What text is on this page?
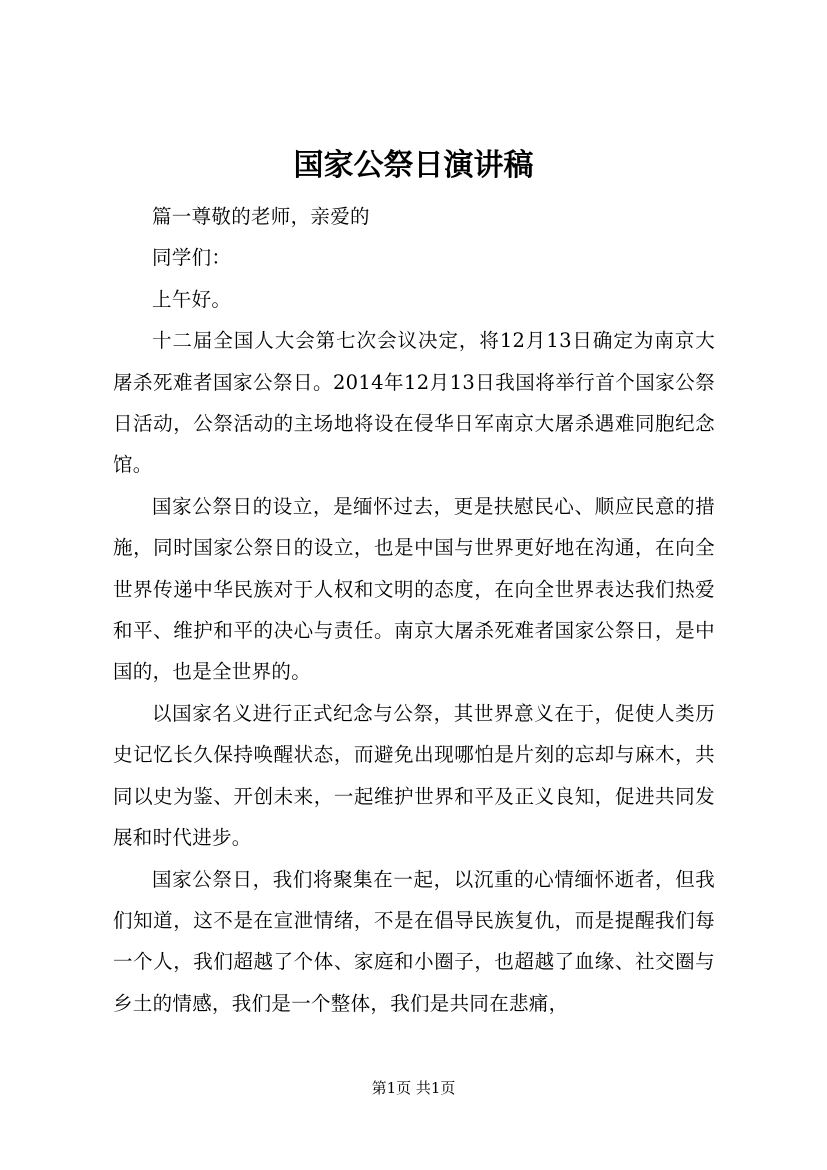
国家公祭日演讲稿

篇一尊敬的老师，亲爱的

同学们：

上午好。

十二届全国人大会第七次会议决定，将12月13日确定为南京大屠杀死难者国家公祭日。2014年12月13日我国将举行首个国家公祭日活动，公祭活动的主场地将设在侵华日军南京大屠杀遇难同胞纪念馆。

国家公祭日的设立，是缅怀过去，更是扶慰民心、顺应民意的措施，同时国家公祭日的设立，也是中国与世界更好地在沟通，在向全世界传递中华民族对于人权和文明的态度，在向全世界表达我们热爱和平、维护和平的决心与责任。南京大屠杀死难者国家公祭日，是中国的，也是全世界的。

以国家名义进行正式纪念与公祭，其世界意义在于，促使人类历史记忆长久保持唤醒状态，而避免出现哪怕是片刻的忘却与麻木，共同以史为鉴、开创未来，一起维护世界和平及正义良知，促进共同发展和时代进步。

国家公祭日，我们将聚集在一起，以沉重的心情缅怀逝者，但我们知道，这不是在宣泄情绪，不是在倡导民族复仇，而是提醒我们每一个人，我们超越了个体、家庭和小圈子，也超越了血缘、社交圈与乡土的情感，我们是一个整体，我们是共同在悲痛，

第1页 共1页
